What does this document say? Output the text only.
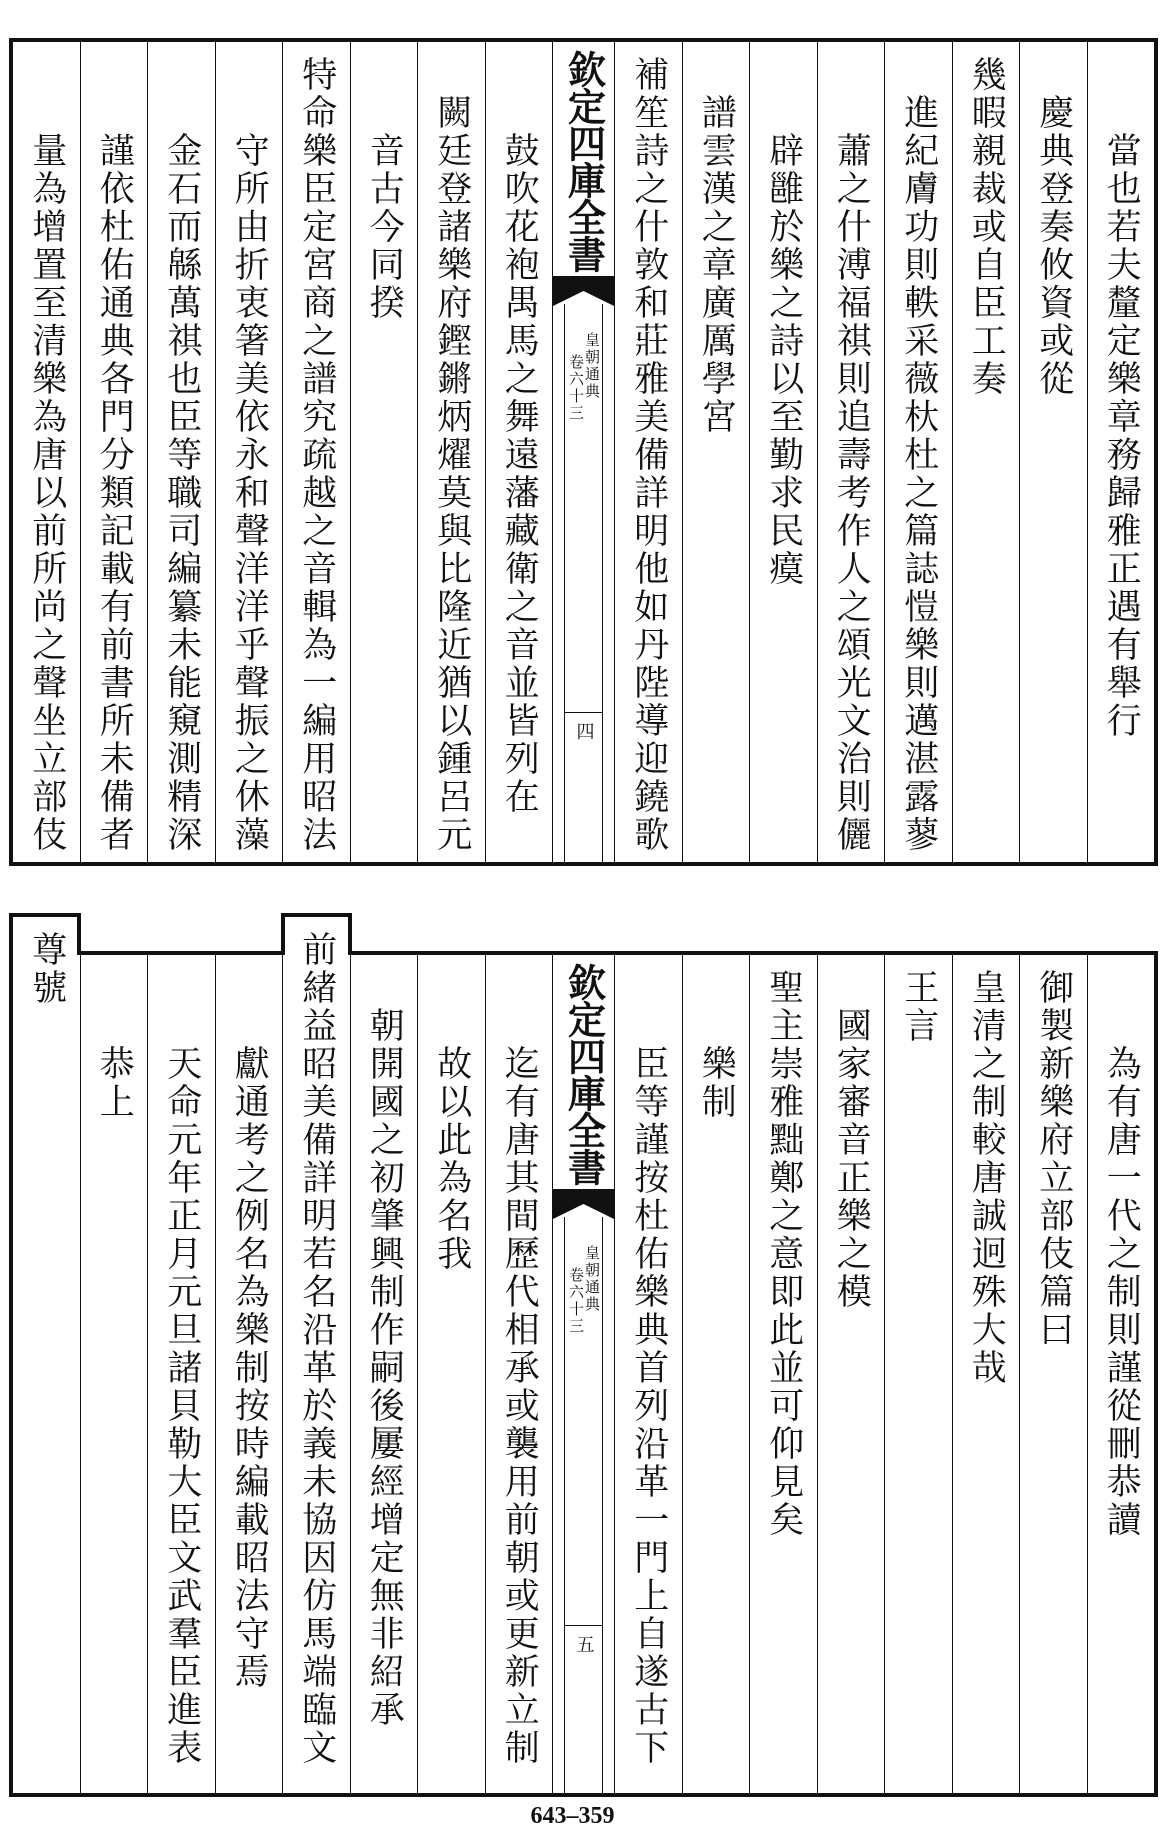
當也若夫釐定樂章務歸雅正遇有舉行
慶典登奏攸資或從
幾暇親裁或自臣工奏
進紀膚功則軼采薇杕杜之篇誌愷樂則邁湛露蓼
蕭之什溥福祺則追壽考作人之頌光文治則儷
辟雝於樂之詩以至勤求民瘼
譜雲漢之章廣厲學宮
補笙詩之什敦和莊雅美備詳明他如丹陛導迎鐃歌
欽定四庫全書
皇朝通典
卷六十三
四
鼓吹花袍禺馬之舞遠藩藏衛之音並皆列在
闕廷登諸樂府鏗鏘炳燿莫與比隆近猶以鍾呂元
音古今同揆
特命樂臣定宮商之譜究疏越之音輯為一編用昭法
守所由折衷箸美依永和聲洋洋乎聲振之休藻
金石而緜萬祺也臣等職司編纂未能窺測精深
謹依杜佑通典各門分類記載有前書所未備者
量為增置至清樂為唐以前所尚之聲坐立部伎
為有唐一代之制則謹從刪恭讀
御製新樂府立部伎篇曰
皇清之制較唐誠迥殊大哉
王言
國家審音正樂之模
聖主崇雅黜鄭之意即此並可仰見矣
樂制
臣等謹按杜佑樂典首列沿革一門上自遂古下
欽定四庫全書
皇朝通典
卷六十三
五
迄有唐其間歷代相承或襲用前朝或更新立制
故以此為名我
朝開國之初肇興制作嗣後屢經增定無非紹承
前緒益昭美備詳明若名沿革於義未協因仿馬端臨文
獻通考之例名為樂制按時編載昭法守焉
天命元年正月元旦諸貝勒大臣文武羣臣進表
恭上
尊號
643–359
